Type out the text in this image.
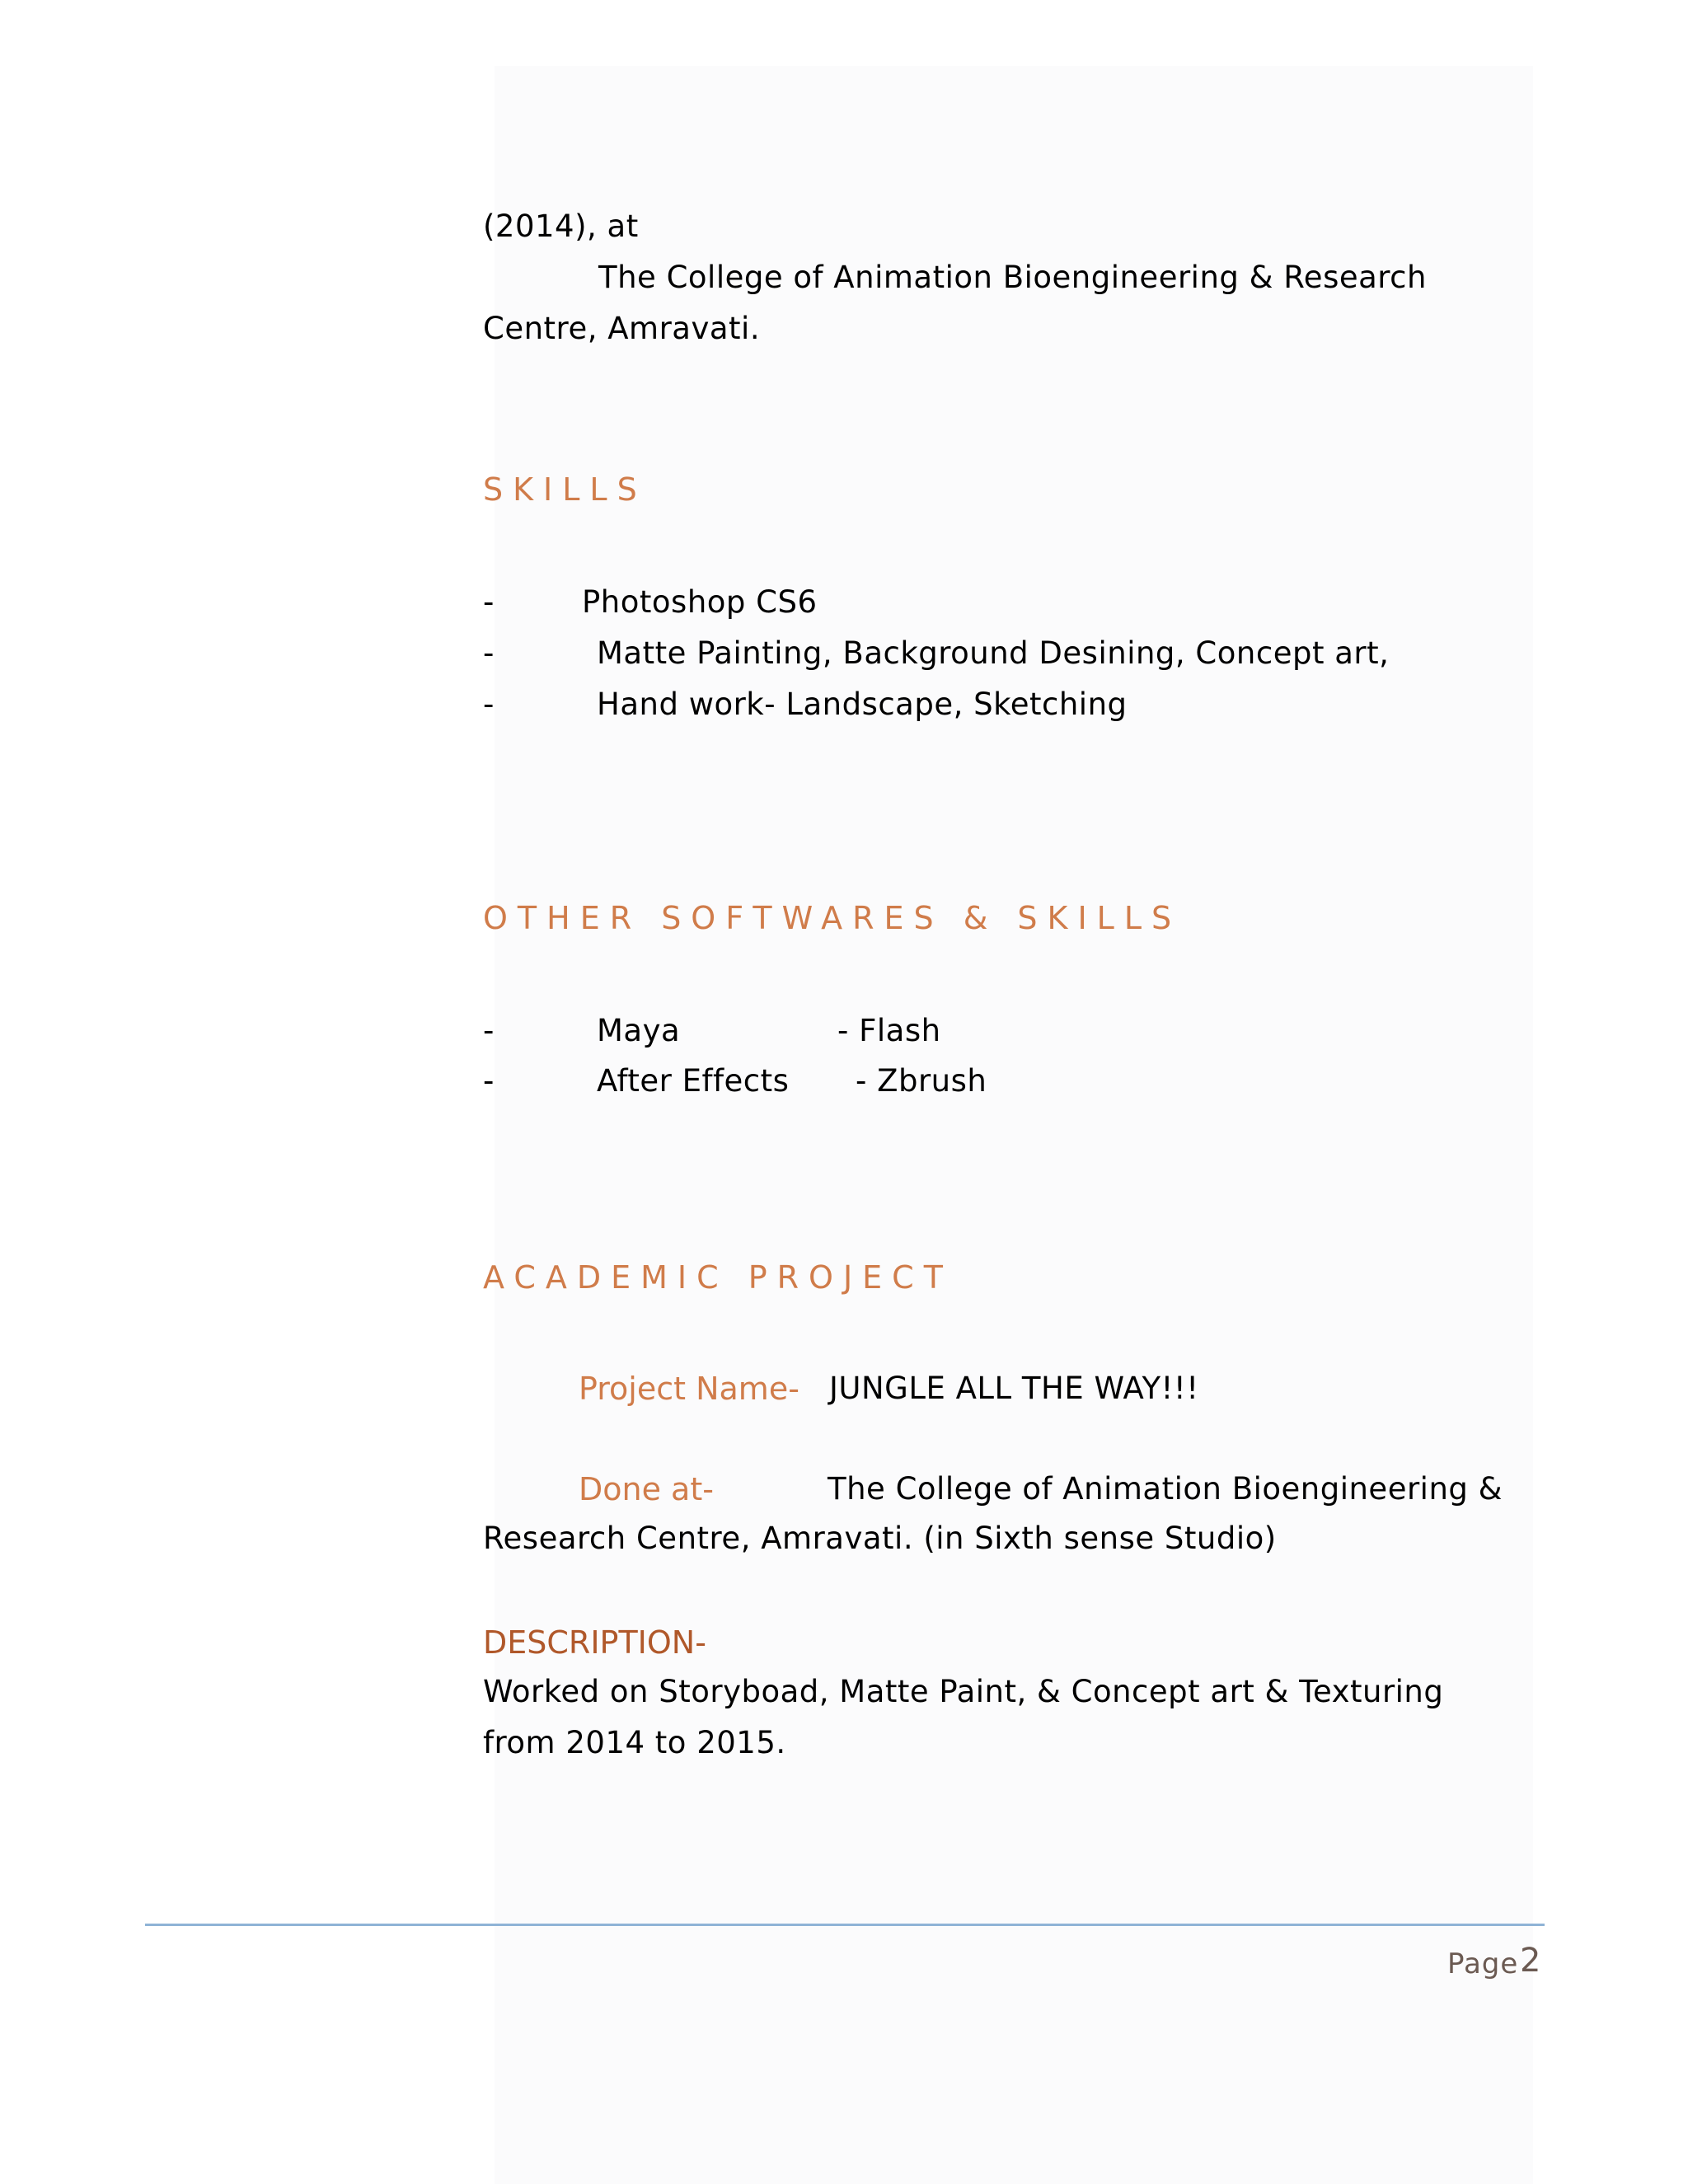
(2014), at
The College of Animation Bioengineering & Research
Centre, Amravati.
SKILLS
-	Photoshop CS6
-	Matte Painting, Background Desining, Concept art,
-	Hand work- Landscape, Sketching
OTHER SOFTWARES & SKILLS
-	Maya	- Flash
-	After Effects - Zbrush
ACADEMIC PROJECT
Project Name- JUNGLE ALL THE WAY!!!
Done at-	The College of Animation Bioengineering &
Research Centre, Amravati. (in Sixth sense Studio)
DESCRIPTION-
Worked on Storyboad, Matte Paint, & Concept art & Texturing
from 2014 to 2015.
Page 2
